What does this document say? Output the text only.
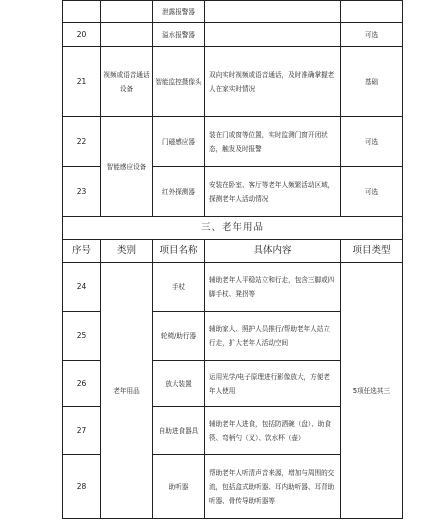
		泄露报警器		
20		溢水报警器		可选
21	视频或语音通话设备	智能监控摄像头	双向实时视频或语音通话，及时准确掌握老人在家实时情况	基础
22	智能感应设备	门磁感应器	装在门或窗等位置，实时监测门窗开闭状态，触发及时报警	可选
23		红外探测器	安装在卧室、客厅等老年人频繁活动区域，探测老年人活动情况	可选
三、老年用品				
序号	类别	项目名称	具体内容	项目类型
24	老年用品	手杖	辅助老年人平稳站立和行走，包含三脚或四脚手杖、凳拐等	5项任选其三
25		轮椅/助行器	辅助家人、照护人员推行/帮助老年人站立行走，扩大老年人活动空间	
26		放大装置	运用光学/电子原理进行影像放大，方便老年人使用	
27		自助进食器具	辅助老年人进食，包括防洒碗（盘）、助食筷、弯柄勺（叉）、饮水杯（壶）	
28		助听器	帮助老年人听清声音来源，增加与周围的交流，包括盒式助听器、耳内助听器、耳背助听器、骨传导助听器等	
